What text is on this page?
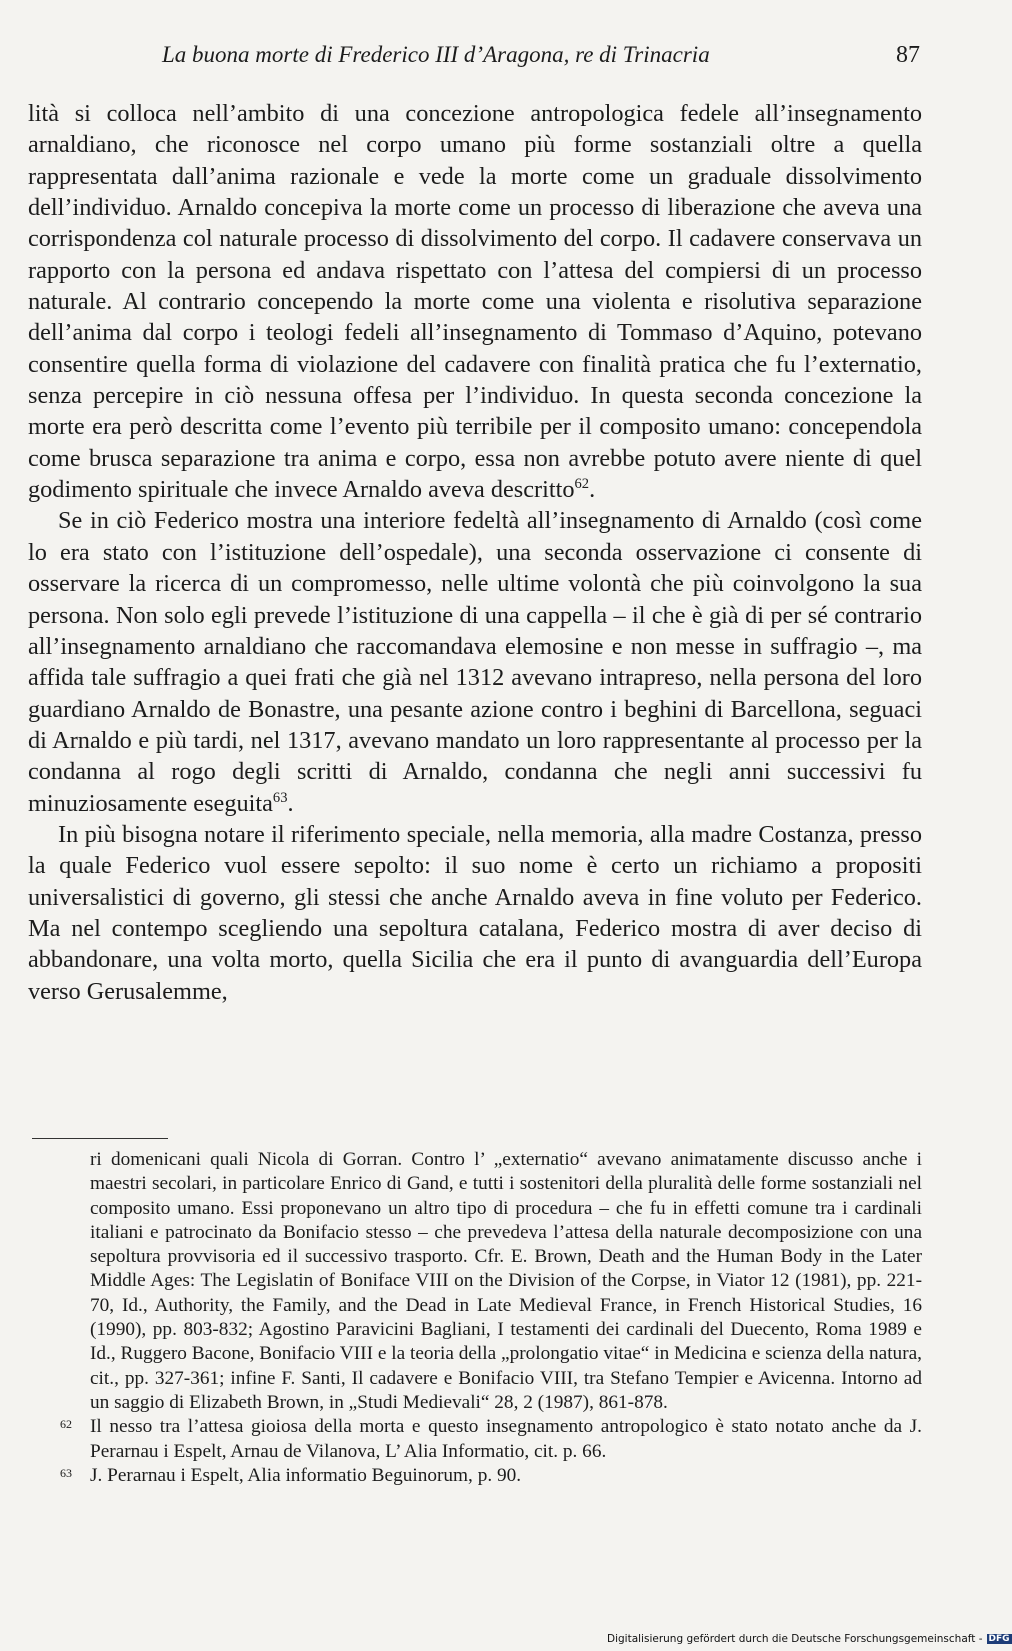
La buona morte di Frederico III d’Aragona, re di Trinacria	87

lità si colloca nell’ambito di una concezione antropologica fedele all’insegnamento arnaldiano, che riconosce nel corpo umano più forme sostanziali oltre a quella rappresentata dall’anima razionale e vede la morte come un graduale dissolvimento dell’individuo. Arnaldo concepiva la morte come un processo di liberazione che aveva una corrispondenza col naturale processo di dissolvimento del corpo. Il cadavere conservava un rapporto con la persona ed andava rispettato con l’attesa del compiersi di un processo naturale. Al contrario concependo la morte come una violenta e risolutiva separazione dell’anima dal corpo i teologi fedeli all’insegnamento di Tommaso d’Aquino, potevano consentire quella forma di violazione del cadavere con finalità pratica che fu l’externatio, senza percepire in ciò nessuna offesa per l’individuo. In questa seconda concezione la morte era però descritta come l’evento più terribile per il composito umano: concependola come brusca separazione tra anima e corpo, essa non avrebbe potuto avere niente di quel godimento spirituale che invece Arnaldo aveva descritto$^{62}$.

Se in ciò Federico mostra una interiore fedeltà all’insegnamento di Arnaldo (così come lo era stato con l’istituzione dell’ospedale), una seconda osservazione ci consente di osservare la ricerca di un compromesso, nelle ultime volontà che più coinvolgono la sua persona. Non solo egli prevede l’istituzione di una cappella – il che è già di per sé contrario all’insegnamento arnaldiano che raccomandava elemosine e non messe in suffragio –, ma affida tale suffragio a quei frati che già nel 1312 avevano intrapreso, nella persona del loro guardiano Arnaldo de Bonastre, una pesante azione contro i beghini di Barcellona, seguaci di Arnaldo e più tardi, nel 1317, avevano mandato un loro rappresentante al processo per la condanna al rogo degli scritti di Arnaldo, condanna che negli anni successivi fu minuziosamente eseguita$^{63}$.

In più bisogna notare il riferimento speciale, nella memoria, alla madre Costanza, presso la quale Federico vuol essere sepolto: il suo nome è certo un richiamo a propositi universalistici di governo, gli stessi che anche Arnaldo aveva in fine voluto per Federico. Ma nel contempo scegliendo una sepoltura catalana, Federico mostra di aver deciso di abbandonare, una volta morto, quella Sicilia che era il punto di avanguardia dell’Europa verso Gerusalemme,

ri domenicani quali Nicola di Gorran. Contro l’ „externatio“ avevano animatamente discusso anche i maestri secolari, in particolare Enrico di Gand, e tutti i sostenitori della pluralità delle forme sostanziali nel composito umano. Essi proponevano un altro tipo di procedura – che fu in effetti comune tra i cardinali italiani e patrocinato da Bonifacio stesso – che prevedeva l’attesa della naturale decomposizione con una sepoltura provvisoria ed il successivo trasporto. Cfr. E. Brown, Death and the Human Body in the Later Middle Ages: The Legislatin of Boniface VIII on the Division of the Corpse, in Viator 12 (1981), pp. 221-70, Id., Authority, the Family, and the Dead in Late Medieval France, in French Historical Studies, 16 (1990), pp. 803-832; Agostino Paravicini Bagliani, I testamenti dei cardinali del Duecento, Roma 1989 e Id., Ruggero Bacone, Bonifacio VIII e la teoria della „prolongatio vitae“ in Medicina e scienza della natura, cit., pp. 327-361; infine F. Santi, Il cadavere e Bonifacio VIII, tra Stefano Tempier e Avicenna. Intorno ad un saggio di Elizabeth Brown, in „Studi Medievali“ 28, 2 (1987), 861-878.

62 Il nesso tra l’attesa gioiosa della morta e questo insegnamento antropologico è stato notato anche da J. Perarnau i Espelt, Arnau de Vilanova, L’ Alia Informatio, cit. p. 66.

63 J. Perarnau i Espelt, Alia informatio Beguinorum, p. 90.

Digitalisierung gefördert durch die Deutsche Forschungsgemeinschaft - DFG
